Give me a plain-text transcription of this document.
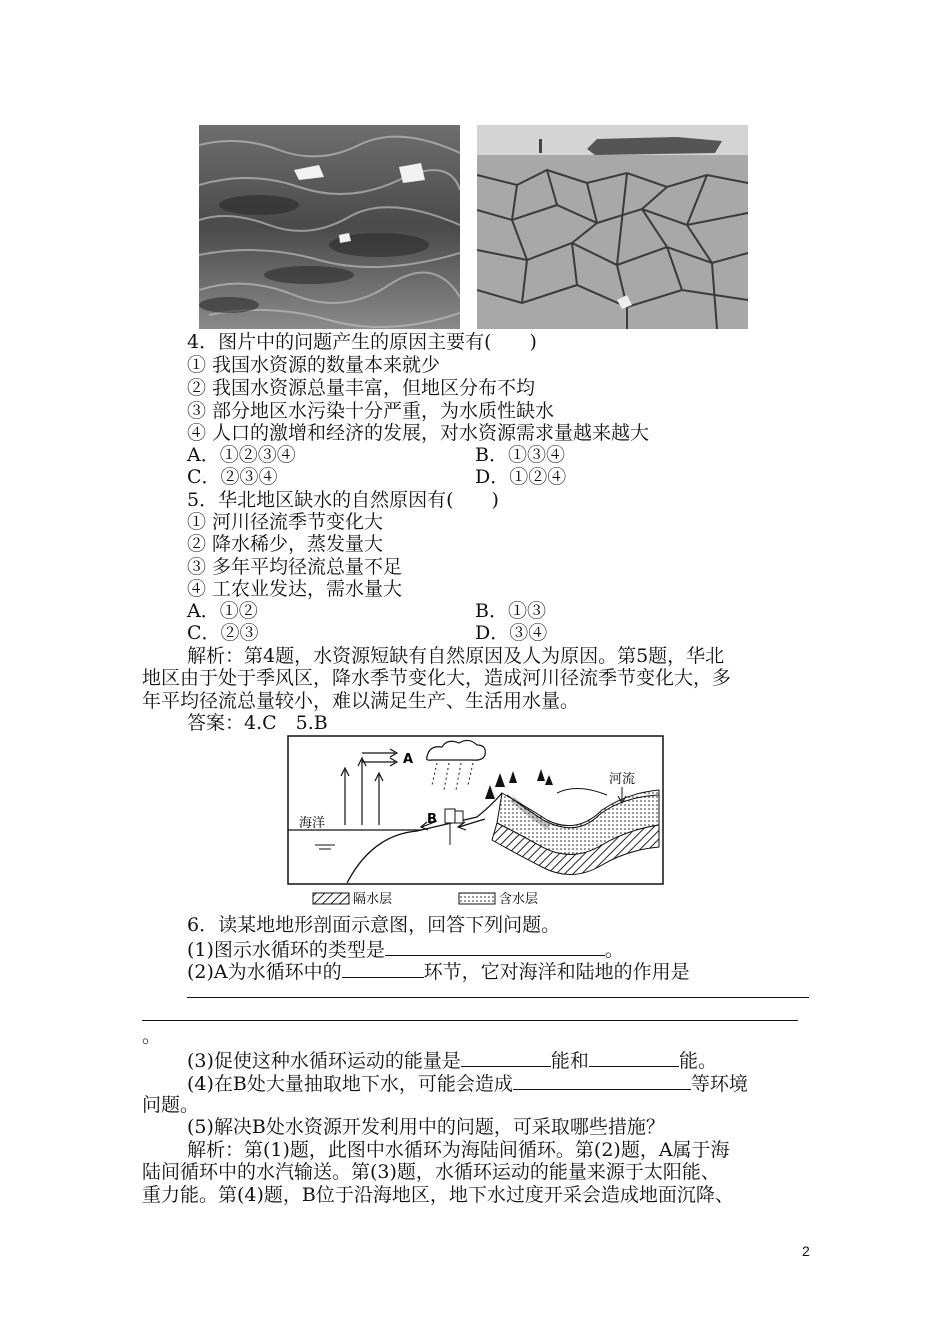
4．图片中的问题产生的原因主要有(　　)
① 我国水资源的数量本来就少
② 我国水资源总量丰富，但地区分布不均
③ 部分地区水污染十分严重，为水质性缺水
④ 人口的激增和经济的发展，对水资源需求量越来越大
A．①②③④	B．①③④
C．②③④	D．①②④
5．华北地区缺水的自然原因有(　　)
① 河川径流季节变化大
② 降水稀少，蒸发量大
③ 多年平均径流总量不足
④ 工农业发达，需水量大
A．①②	B．①③
C．②③	D．③④
解析：第4题，水资源短缺有自然原因及人为原因。第5题，华北
地区由于处于季风区，降水季节变化大，造成河川径流季节变化大，多
年平均径流总量较小，难以满足生产、生活用水量。
答案：4.C　5.B
A
B
海洋
河流
隔水层	含水层
6．读某地地形剖面示意图，回答下列问题。
(1)图示水循环的类型是	。
(2)A为水循环中的	环节，它对海洋和陆地的作用是
。
(3)促使这种水循环运动的能量是	能和	能。
(4)在B处大量抽取地下水，可能会造成	等环境
问题。
(5)解决B处水资源开发利用中的问题，可采取哪些措施？
解析：第(1)题，此图中水循环为海陆间循环。第(2)题，A属于海
陆间循环中的水汽输送。第(3)题，水循环运动的能量来源于太阳能、
重力能。第(4)题，B位于沿海地区，地下水过度开采会造成地面沉降、
2
